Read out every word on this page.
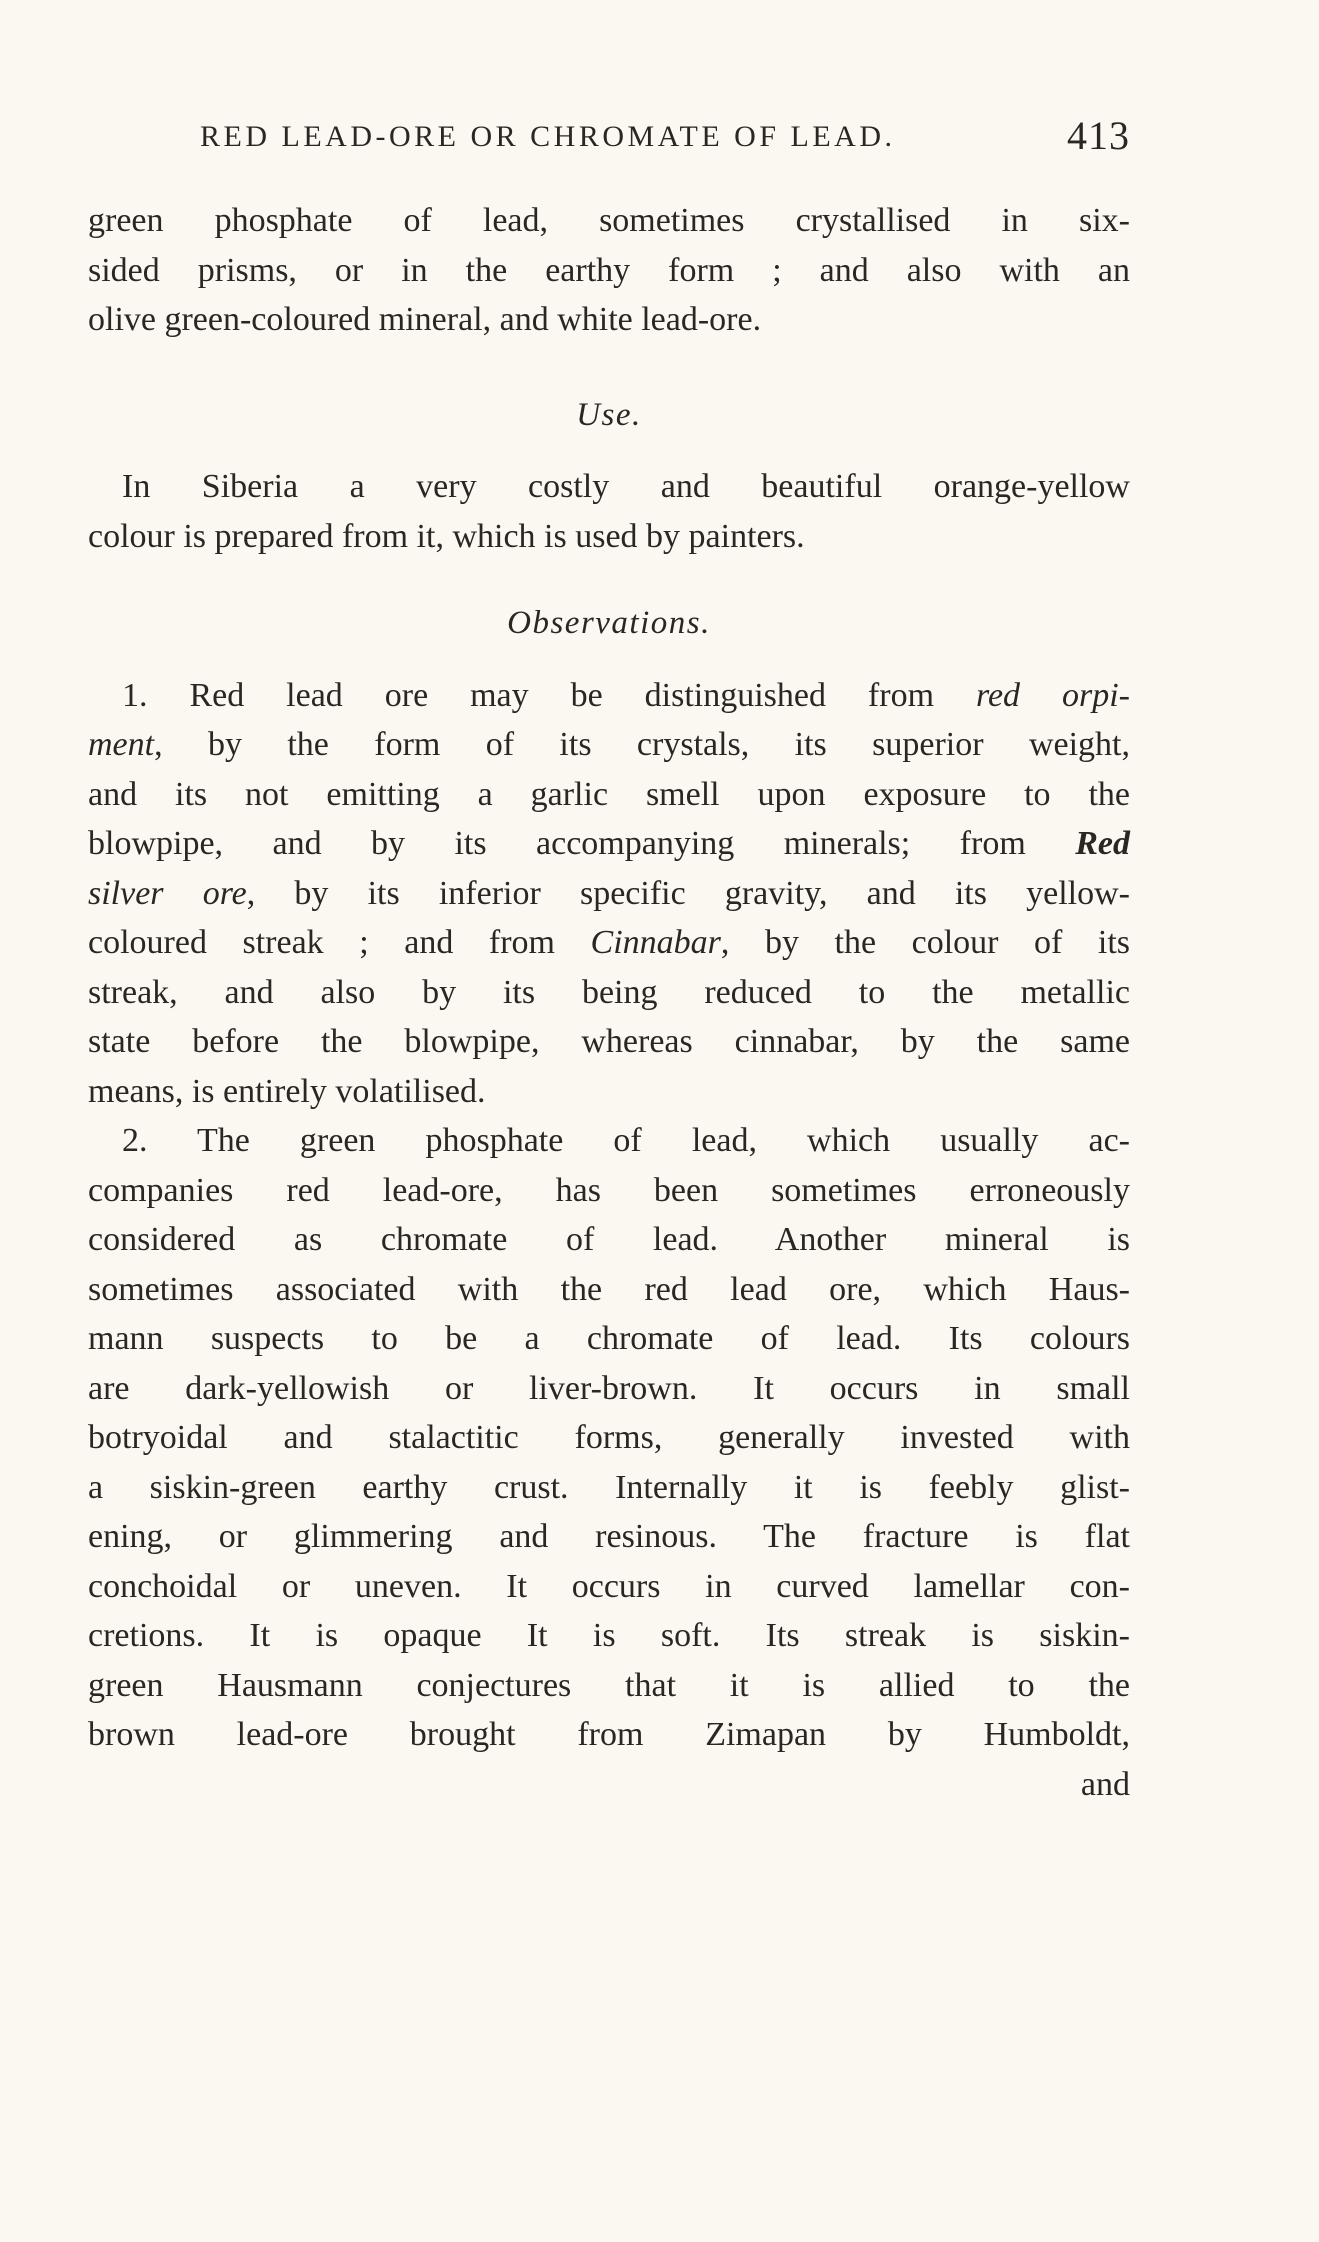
RED LEAD-ORE OR CHROMATE OF LEAD.	413
green phosphate of lead, sometimes crystallised in six-
sided prisms, or in the earthy form ; and also with an
olive green-coloured mineral, and white lead-ore.
Use.
In Siberia a very costly and beautiful orange-yellow
colour is prepared from it, which is used by painters.
Observations.
1. Red lead ore may be distinguished from red orpi-
ment, by the form of its crystals, its superior weight,
and its not emitting a garlic smell upon exposure to the
blowpipe, and by its accompanying minerals; from Red
silver ore, by its inferior specific gravity, and its yellow-
coloured streak ; and from Cinnabar, by the colour of its
streak, and also by its being reduced to the metallic
state before the blowpipe, whereas cinnabar, by the same
means, is entirely volatilised.
2. The green phosphate of lead, which usually ac-
companies red lead-ore, has been sometimes erroneously
considered as chromate of lead. Another mineral is
sometimes associated with the red lead ore, which Haus-
mann suspects to be a chromate of lead. Its colours
are dark-yellowish or liver-brown. It occurs in small
botryoidal and stalactitic forms, generally invested with
a siskin-green earthy crust. Internally it is feebly glist-
ening, or glimmering and resinous. The fracture is flat
conchoidal or uneven. It occurs in curved lamellar con-
cretions. It is opaque It is soft. Its streak is siskin-
green Hausmann conjectures that it is allied to the
brown lead-ore brought from Zimapan by Humboldt,
and
